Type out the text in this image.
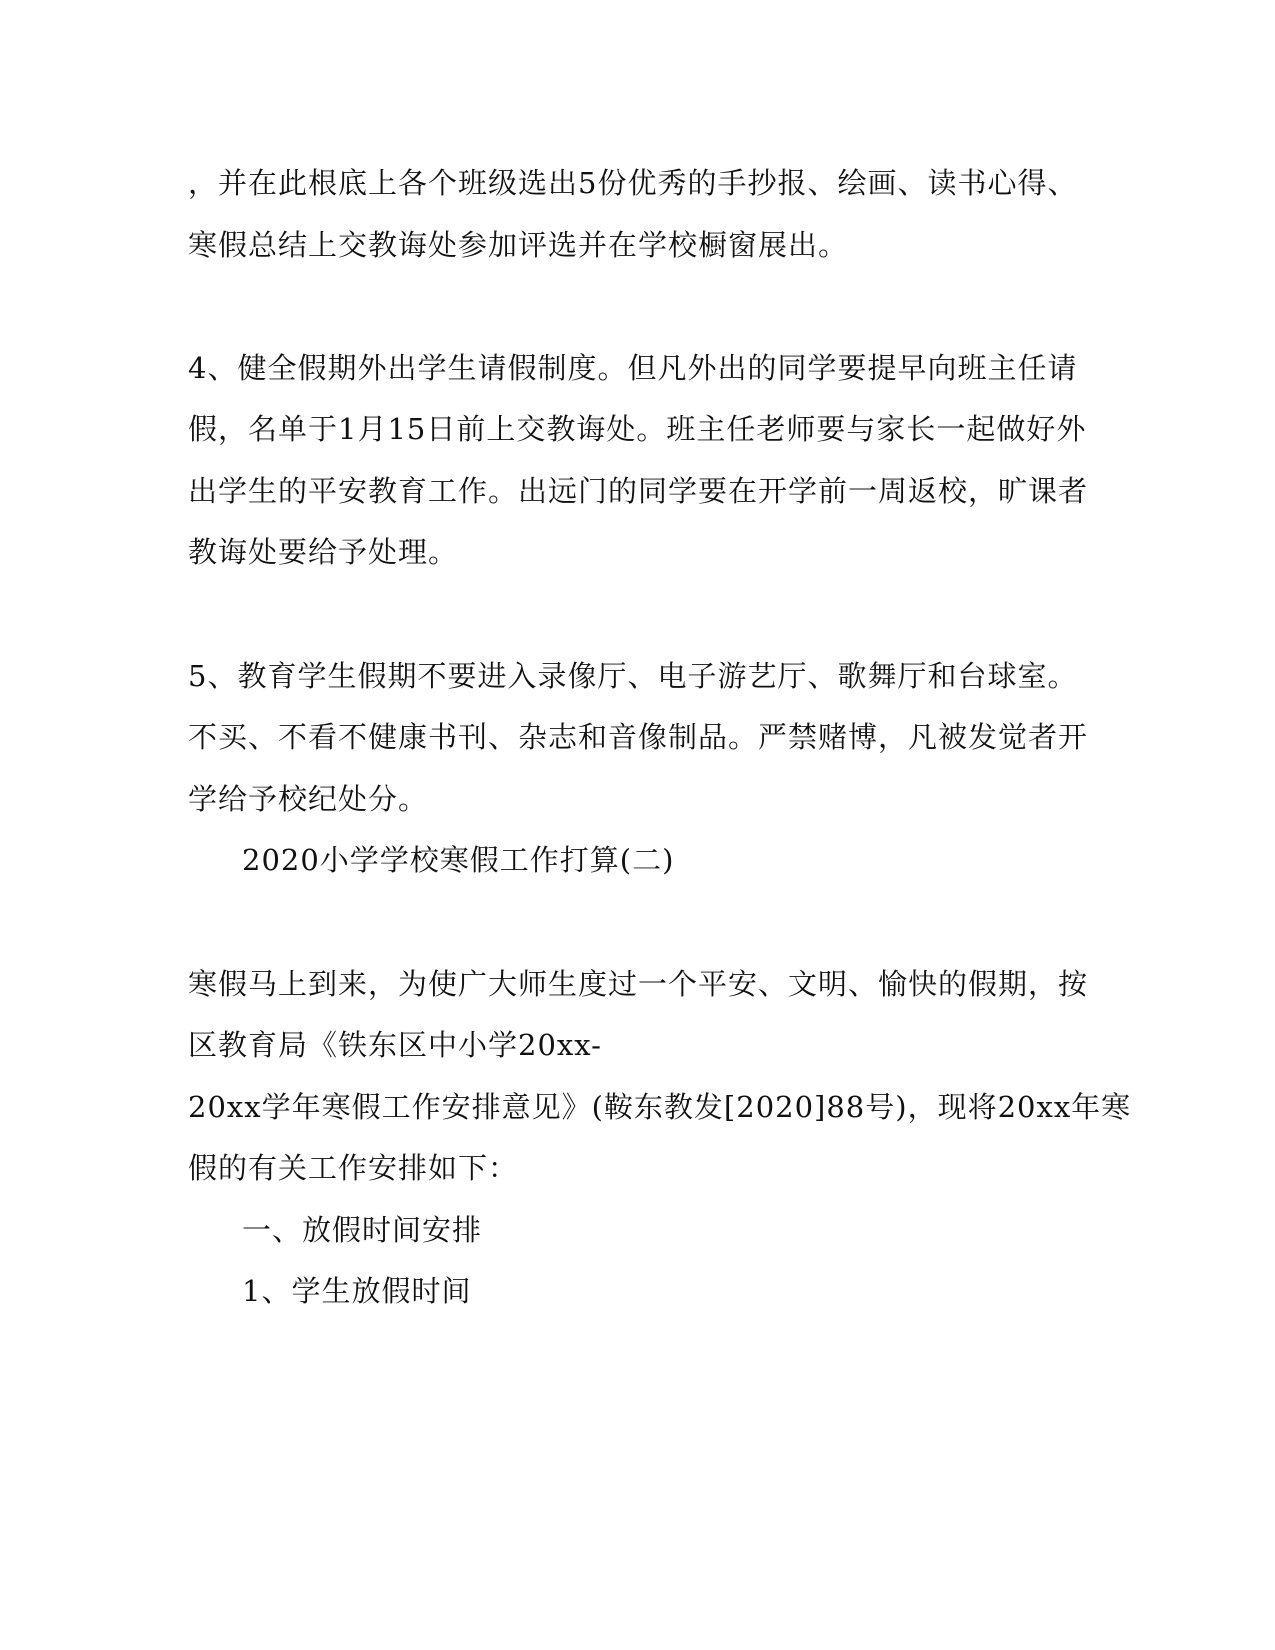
，并在此根底上各个班级选出5份优秀的手抄报、绘画、读书心得、
寒假总结上交教诲处参加评选并在学校橱窗展出。
4、健全假期外出学生请假制度。但凡外出的同学要提早向班主任请
假，名单于1月15日前上交教诲处。班主任老师要与家长一起做好外
出学生的平安教育工作。出远门的同学要在开学前一周返校，旷课者
教诲处要给予处理。
5、教育学生假期不要进入录像厅、电子游艺厅、歌舞厅和台球室。
不买、不看不健康书刊、杂志和音像制品。严禁赌博，凡被发觉者开
学给予校纪处分。
2020小学学校寒假工作打算(二)
寒假马上到来，为使广大师生度过一个平安、文明、愉快的假期，按
区教育局《铁东区中小学20xx-
20xx学年寒假工作安排意见》(鞍东教发[2020]88号)，现将20xx年寒
假的有关工作安排如下：
一、放假时间安排
1、学生放假时间
